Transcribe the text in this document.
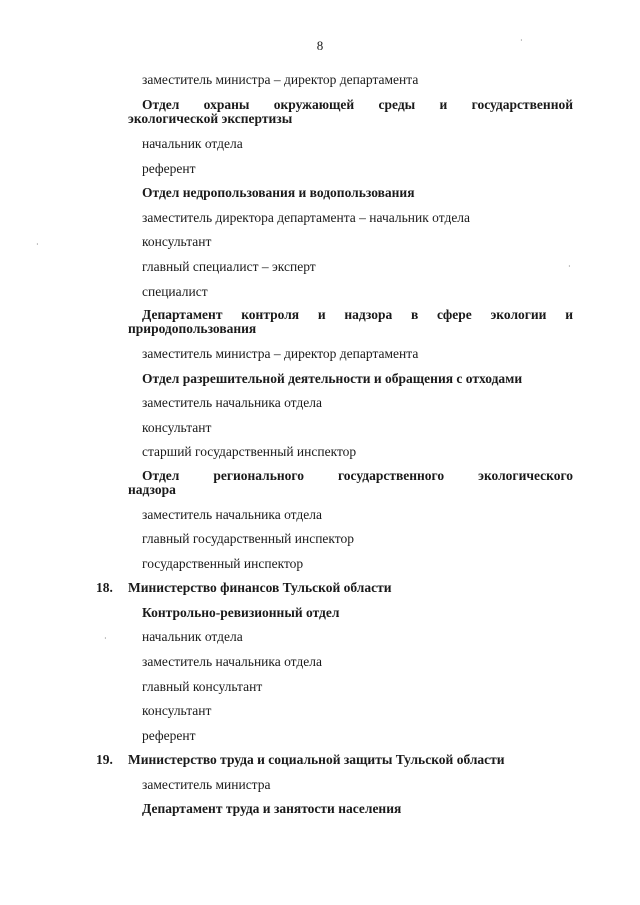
8
заместитель министра – директор департамента
Отдел охраны окружающей среды и государственной
экологической экспертизы
начальник отдела
референт
Отдел недропользования и водопользования
заместитель директора департамента – начальник отдела
консультант
главный специалист – эксперт
специалист
Департамент контроля и надзора в сфере экологии и
природопользования
заместитель министра – директор департамента
Отдел разрешительной деятельности и обращения с отходами
заместитель начальника отдела
консультант
старший государственный инспектор
Отдел регионального государственного экологического
надзора
заместитель начальника отдела
главный государственный инспектор
государственный инспектор
18. Министерство финансов Тульской области
Контрольно-ревизионный отдел
начальник отдела
заместитель начальника отдела
главный консультант
консультант
референт
19. Министерство труда и социальной защиты Тульской области
заместитель министра
Департамент труда и занятости населения
·
·
·
·
